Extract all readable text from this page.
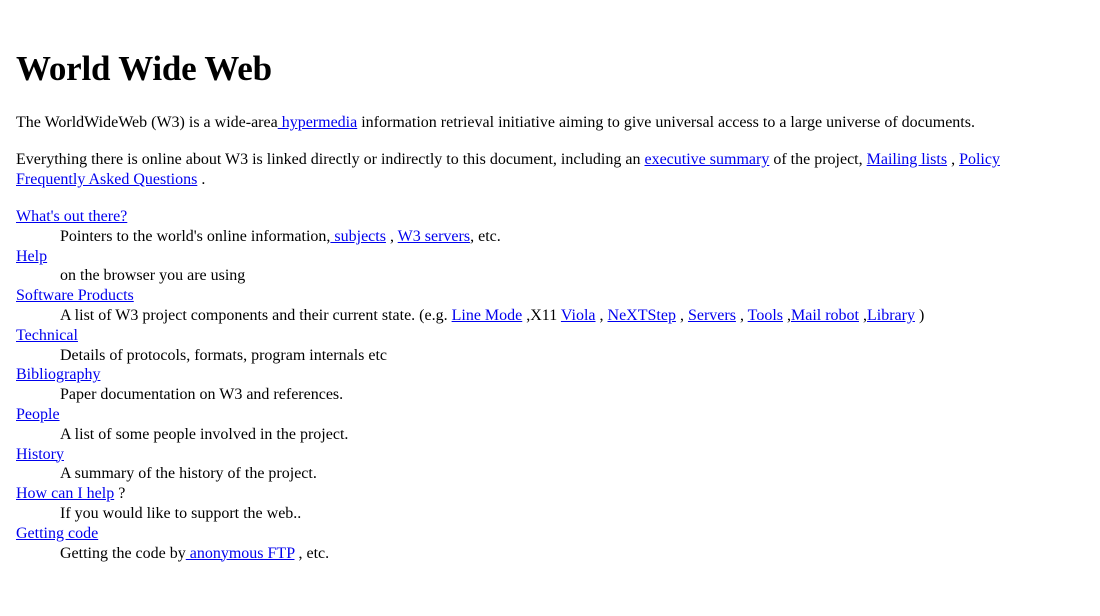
World Wide Web

The WorldWideWeb (W3) is a wide-area hypermedia information retrieval initiative aiming to give universal access to a large universe of documents.

Everything there is online about W3 is linked directly or indirectly to this document, including an executive summary of the project, Mailing lists , Policy
Frequently Asked Questions .

What's out there?
Pointers to the world's online information, subjects , W3 servers, etc.
Help
on the browser you are using
Software Products
A list of W3 project components and their current state. (e.g. Line Mode ,X11 Viola , NeXTStep , Servers , Tools ,Mail robot ,Library )
Technical
Details of protocols, formats, program internals etc
Bibliography
Paper documentation on W3 and references.
People
A list of some people involved in the project.
History
A summary of the history of the project.
How can I help ?
If you would like to support the web..
Getting code
Getting the code by anonymous FTP , etc.
